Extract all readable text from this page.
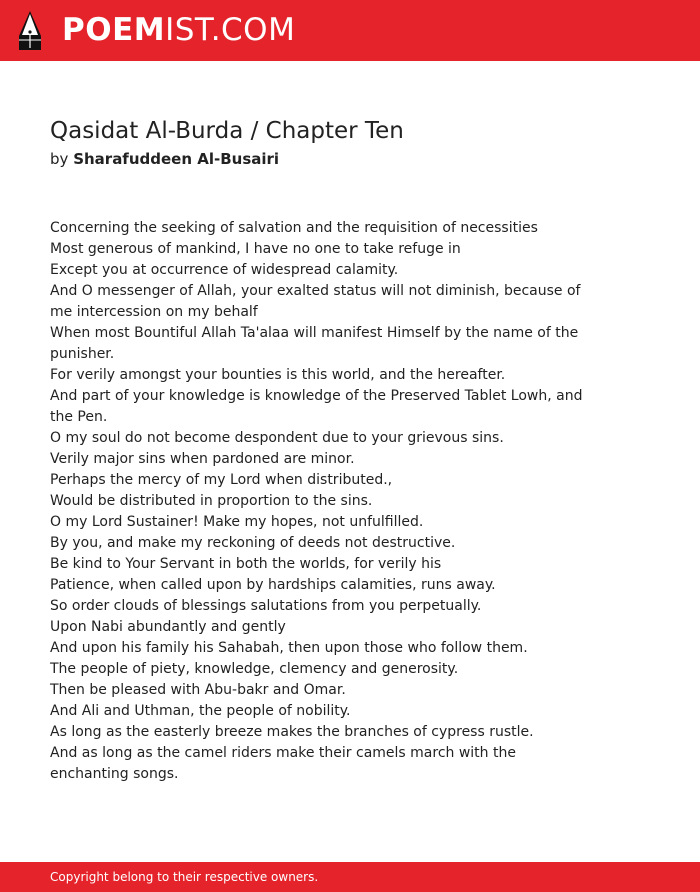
POEMIST.COM
Qasidat Al-Burda / Chapter Ten
by Sharafuddeen Al-Busairi

Concerning the seeking of salvation and the requisition of necessities

Most generous of mankind, I have no one to take refuge in

Except you at occurrence of widespread calamity.

And O messenger of Allah, your exalted status will not diminish, because of me intercession on my behalf

When most Bountiful Allah Ta'alaa will manifest Himself by the name of the punisher.

For verily amongst your bounties is this world, and the hereafter.

And part of your knowledge is knowledge of the Preserved Tablet Lowh, and the Pen.

O my soul do not become despondent due to your grievous sins.

Verily major sins when pardoned are minor.

Perhaps the mercy of my Lord when distributed.,

Would be distributed in proportion to the sins.

O my Lord Sustainer! Make my hopes, not unfulfilled.

By you, and make my reckoning of deeds not destructive.

Be kind to Your Servant in both the worlds, for verily his

Patience, when called upon by hardships calamities, runs away.

So order clouds of blessings salutations from you perpetually.

Upon Nabi abundantly and gently

And upon his family his Sahabah, then upon those who follow them.

The people of piety, knowledge, clemency and generosity.

Then be pleased with Abu-bakr and Omar.

And Ali and Uthman, the people of nobility.

As long as the easterly breeze makes the branches of cypress rustle.

And as long as the camel riders make their camels march with the enchanting songs.

Copyright belong to their respective owners.
